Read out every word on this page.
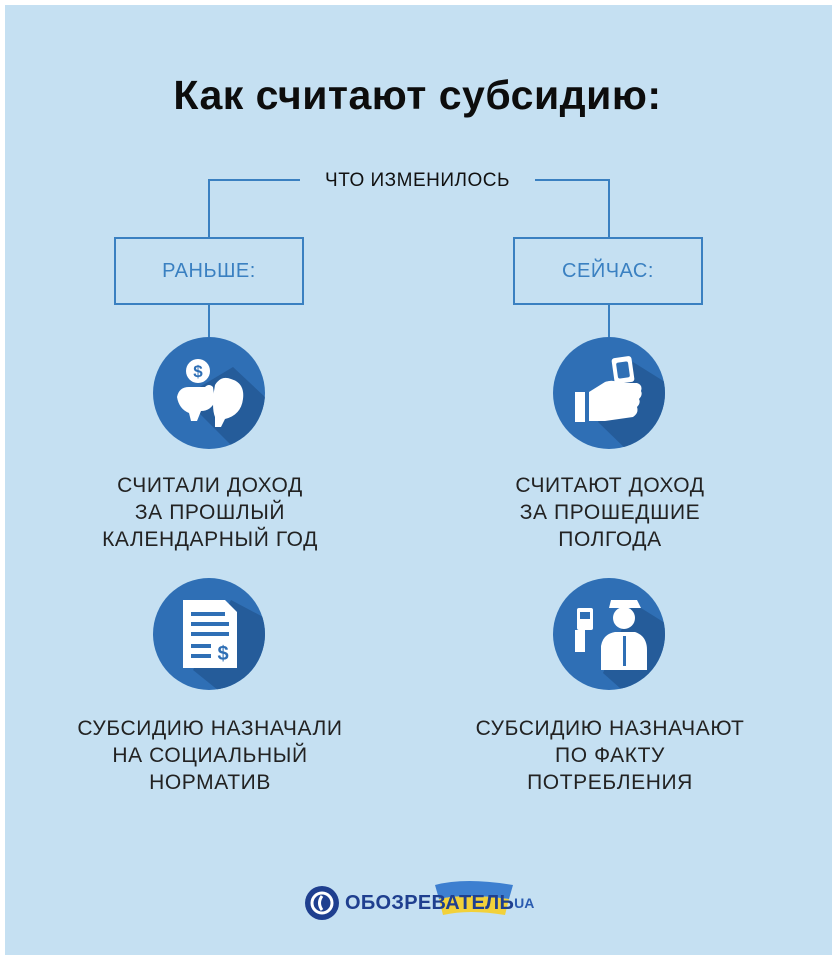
Как считают субсидию:
ЧТО ИЗМЕНИЛОСЬ
РАНЬШЕ:	СЕЙЧАС:
$
$
СЧИТАЛИ ДОХОД
ЗА ПРОШЛЫЙ
КАЛЕНДАРНЫЙ ГОД
СЧИТАЮТ ДОХОД
ЗА ПРОШЕДШИЕ
ПОЛГОДА
СУБСИДИЮ НАЗНАЧАЛИ
НА СОЦИАЛЬНЫЙ
НОРМАТИВ
СУБСИДИЮ НАЗНАЧАЮТ
ПО ФАКТУ
ПОТРЕБЛЕНИЯ
ОБОЗРЕВАТЕЛЬ UA
